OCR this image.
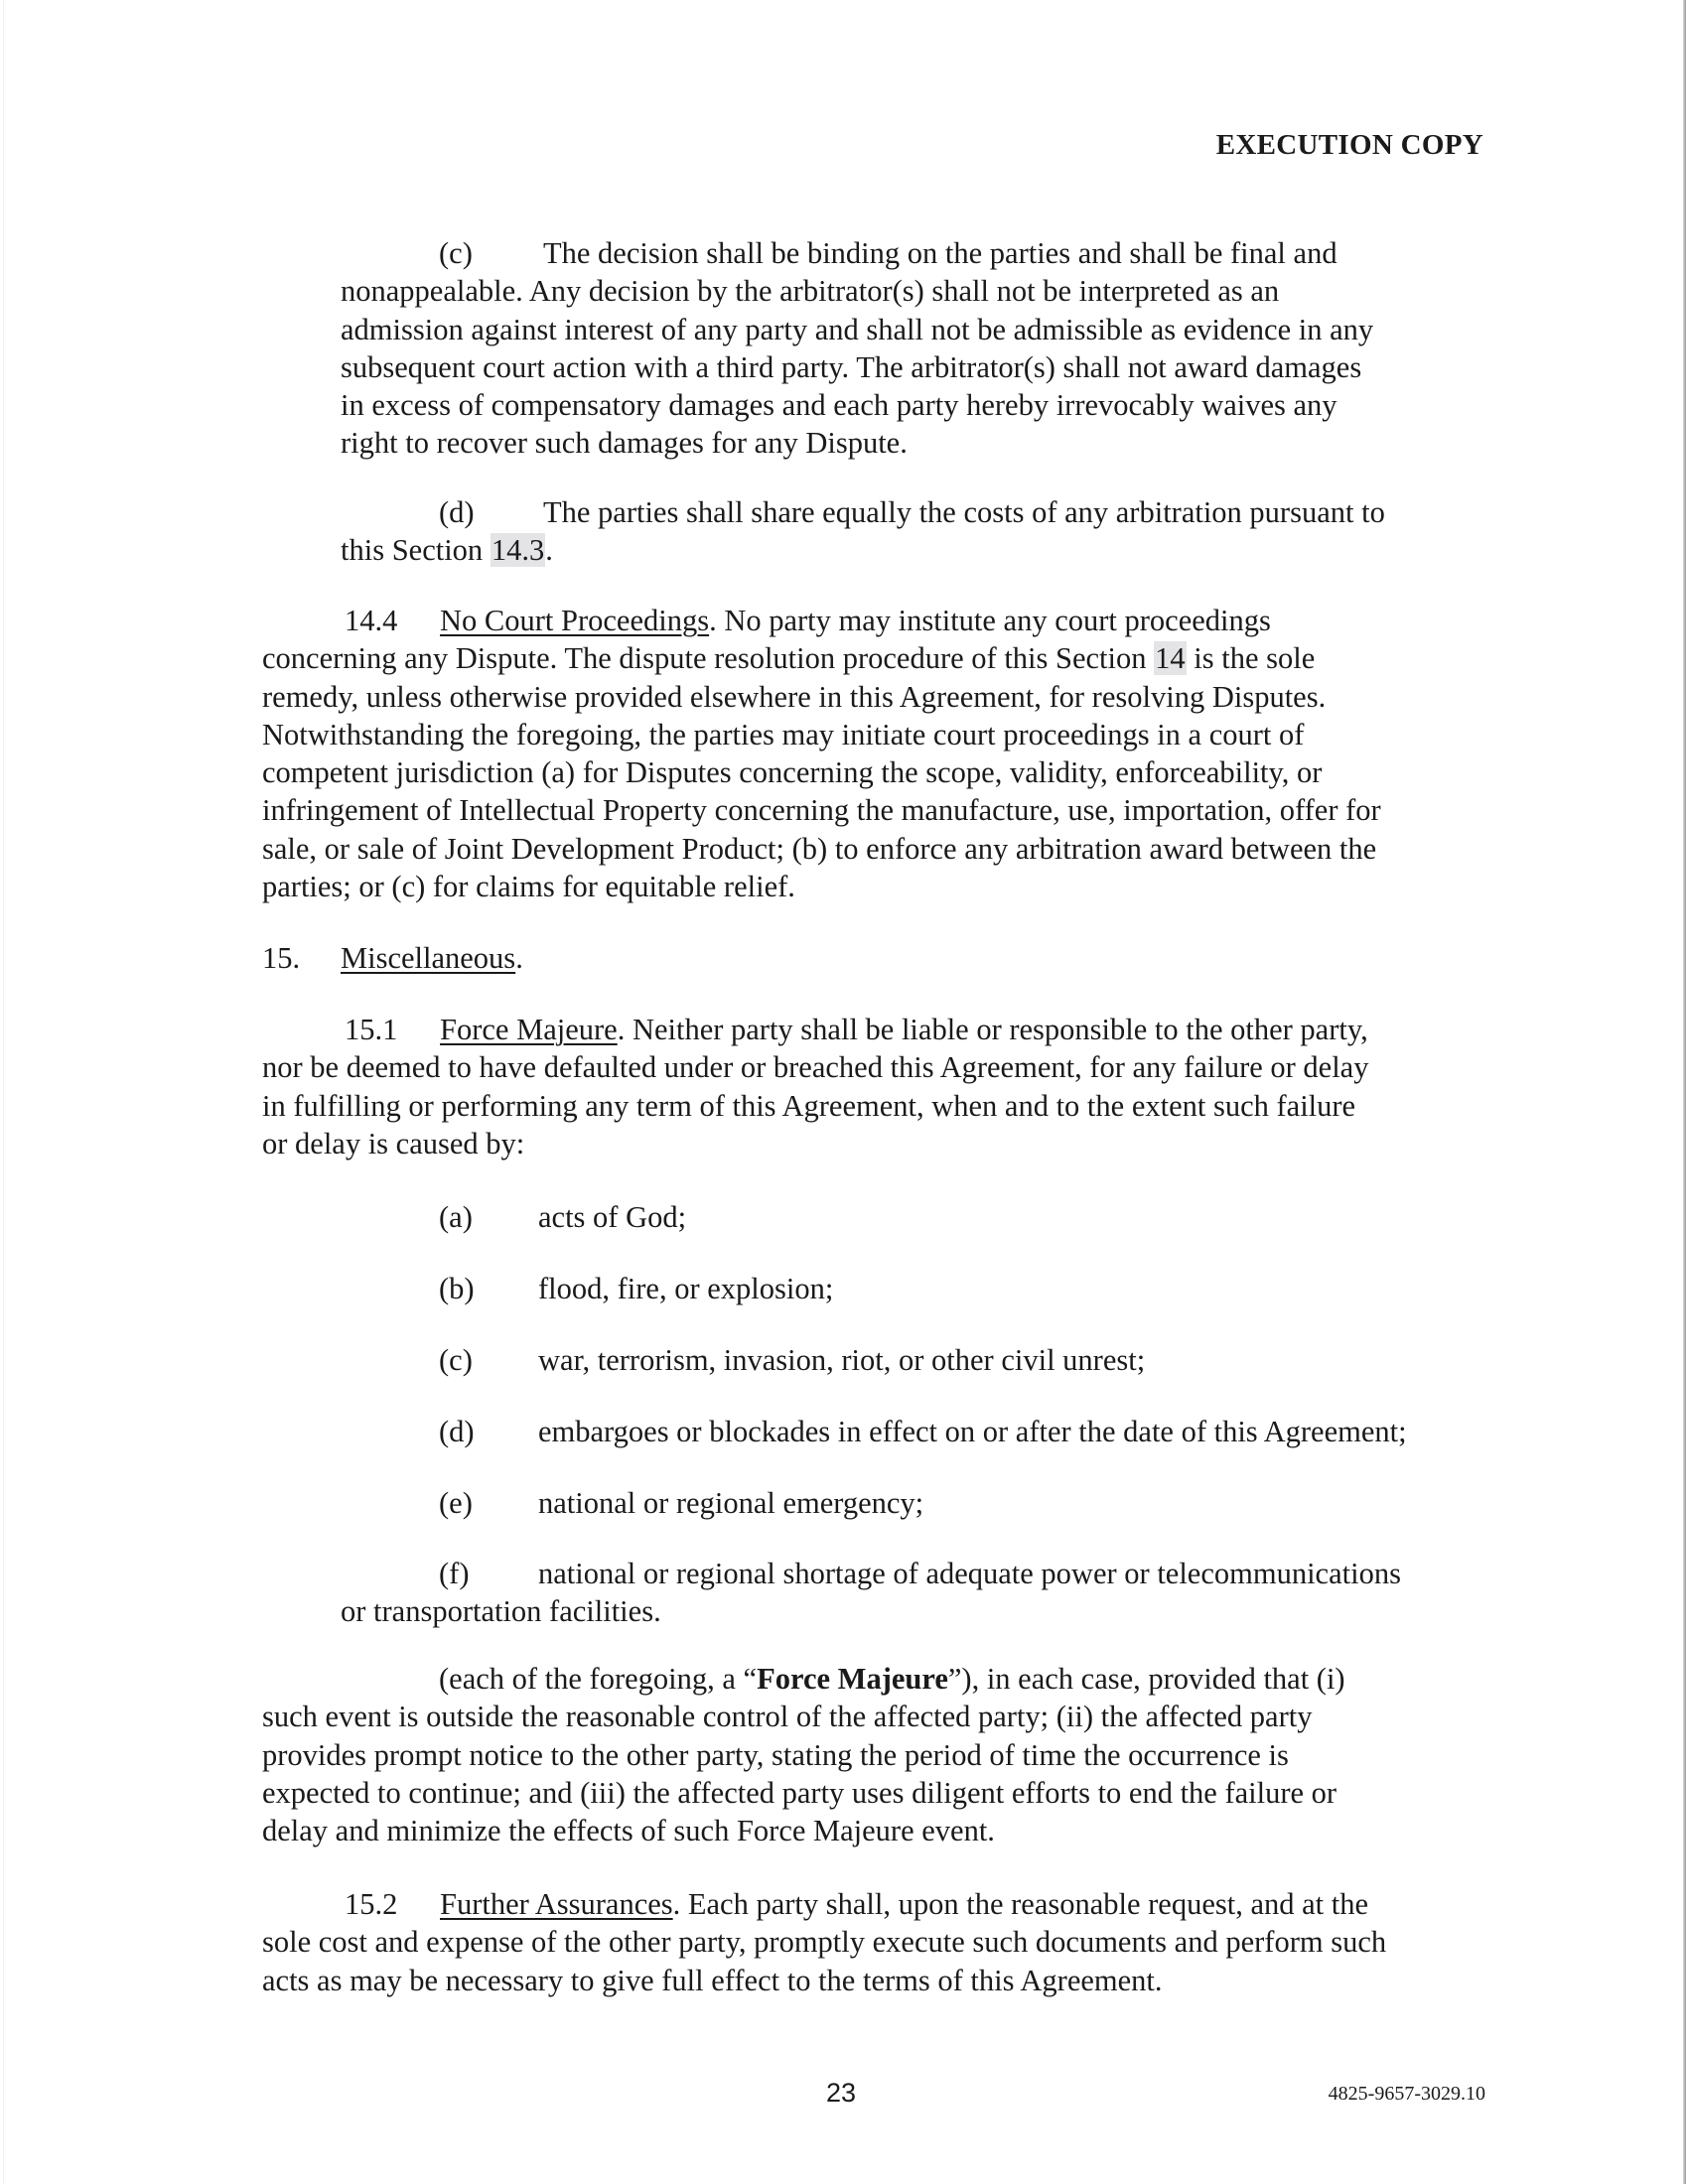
EXECUTION COPY
(c) The decision shall be binding on the parties and shall be final and
nonappealable. Any decision by the arbitrator(s) shall not be interpreted as an
admission against interest of any party and shall not be admissible as evidence in any
subsequent court action with a third party. The arbitrator(s) shall not award damages
in excess of compensatory damages and each party hereby irrevocably waives any
right to recover such damages for any Dispute.
(d) The parties shall share equally the costs of any arbitration pursuant to
this Section 14.3.
14.4 No Court Proceedings. No party may institute any court proceedings
concerning any Dispute. The dispute resolution procedure of this Section 14 is the sole
remedy, unless otherwise provided elsewhere in this Agreement, for resolving Disputes.
Notwithstanding the foregoing, the parties may initiate court proceedings in a court of
competent jurisdiction (a) for Disputes concerning the scope, validity, enforceability, or
infringement of Intellectual Property concerning the manufacture, use, importation, offer for
sale, or sale of Joint Development Product; (b) to enforce any arbitration award between the
parties; or (c) for claims for equitable relief.
15. Miscellaneous.
15.1 Force Majeure. Neither party shall be liable or responsible to the other party,
nor be deemed to have defaulted under or breached this Agreement, for any failure or delay
in fulfilling or performing any term of this Agreement, when and to the extent such failure
or delay is caused by:
(a) acts of God;
(b) flood, fire, or explosion;
(c) war, terrorism, invasion, riot, or other civil unrest;
(d) embargoes or blockades in effect on or after the date of this Agreement;
(e) national or regional emergency;
(f) national or regional shortage of adequate power or telecommunications
or transportation facilities.
(each of the foregoing, a “Force Majeure”), in each case, provided that (i)
such event is outside the reasonable control of the affected party; (ii) the affected party
provides prompt notice to the other party, stating the period of time the occurrence is
expected to continue; and (iii) the affected party uses diligent efforts to end the failure or
delay and minimize the effects of such Force Majeure event.
15.2 Further Assurances. Each party shall, upon the reasonable request, and at the
sole cost and expense of the other party, promptly execute such documents and perform such
acts as may be necessary to give full effect to the terms of this Agreement.
23	4825-9657-3029.10
